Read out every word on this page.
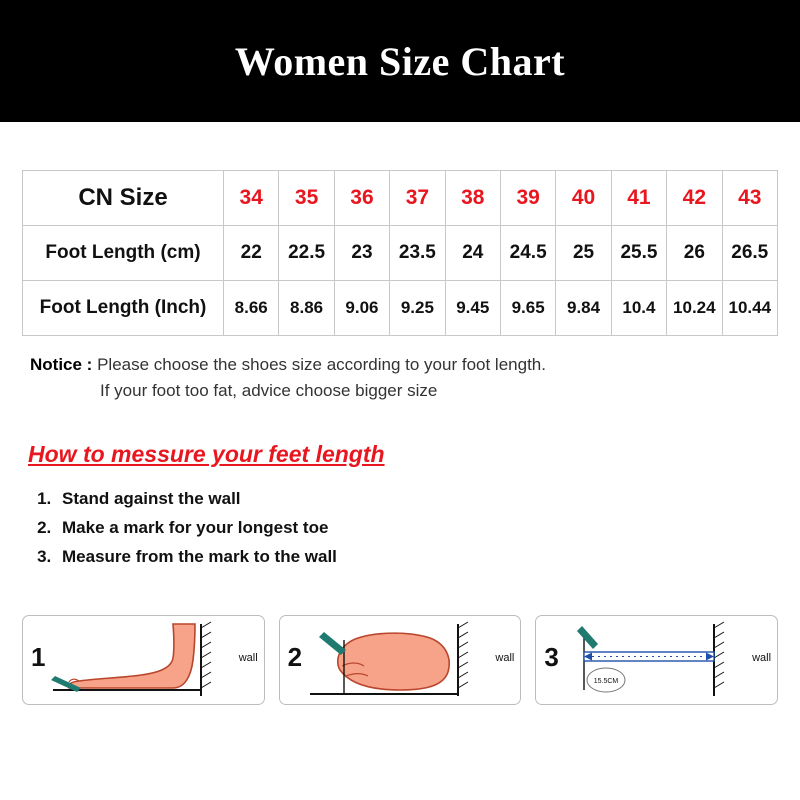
Women Size Chart
CN Size	34	35	36	37	38	39	40	41	42	43
Foot Length (cm)	22	22.5	23	23.5	24	24.5	25	25.5	26	26.5
Foot Length (Inch)	8.66	8.86	9.06	9.25	9.45	9.65	9.84	10.4	10.24	10.44
Notice : Please choose the shoes size according to your foot length.
If your foot too fat, advice choose bigger size
How to messure your feet length
1. Stand against the wall
2. Make a mark for your longest toe
3. Measure from the mark to the wall
1	wall 2	wall
15.5CM
3	wall
